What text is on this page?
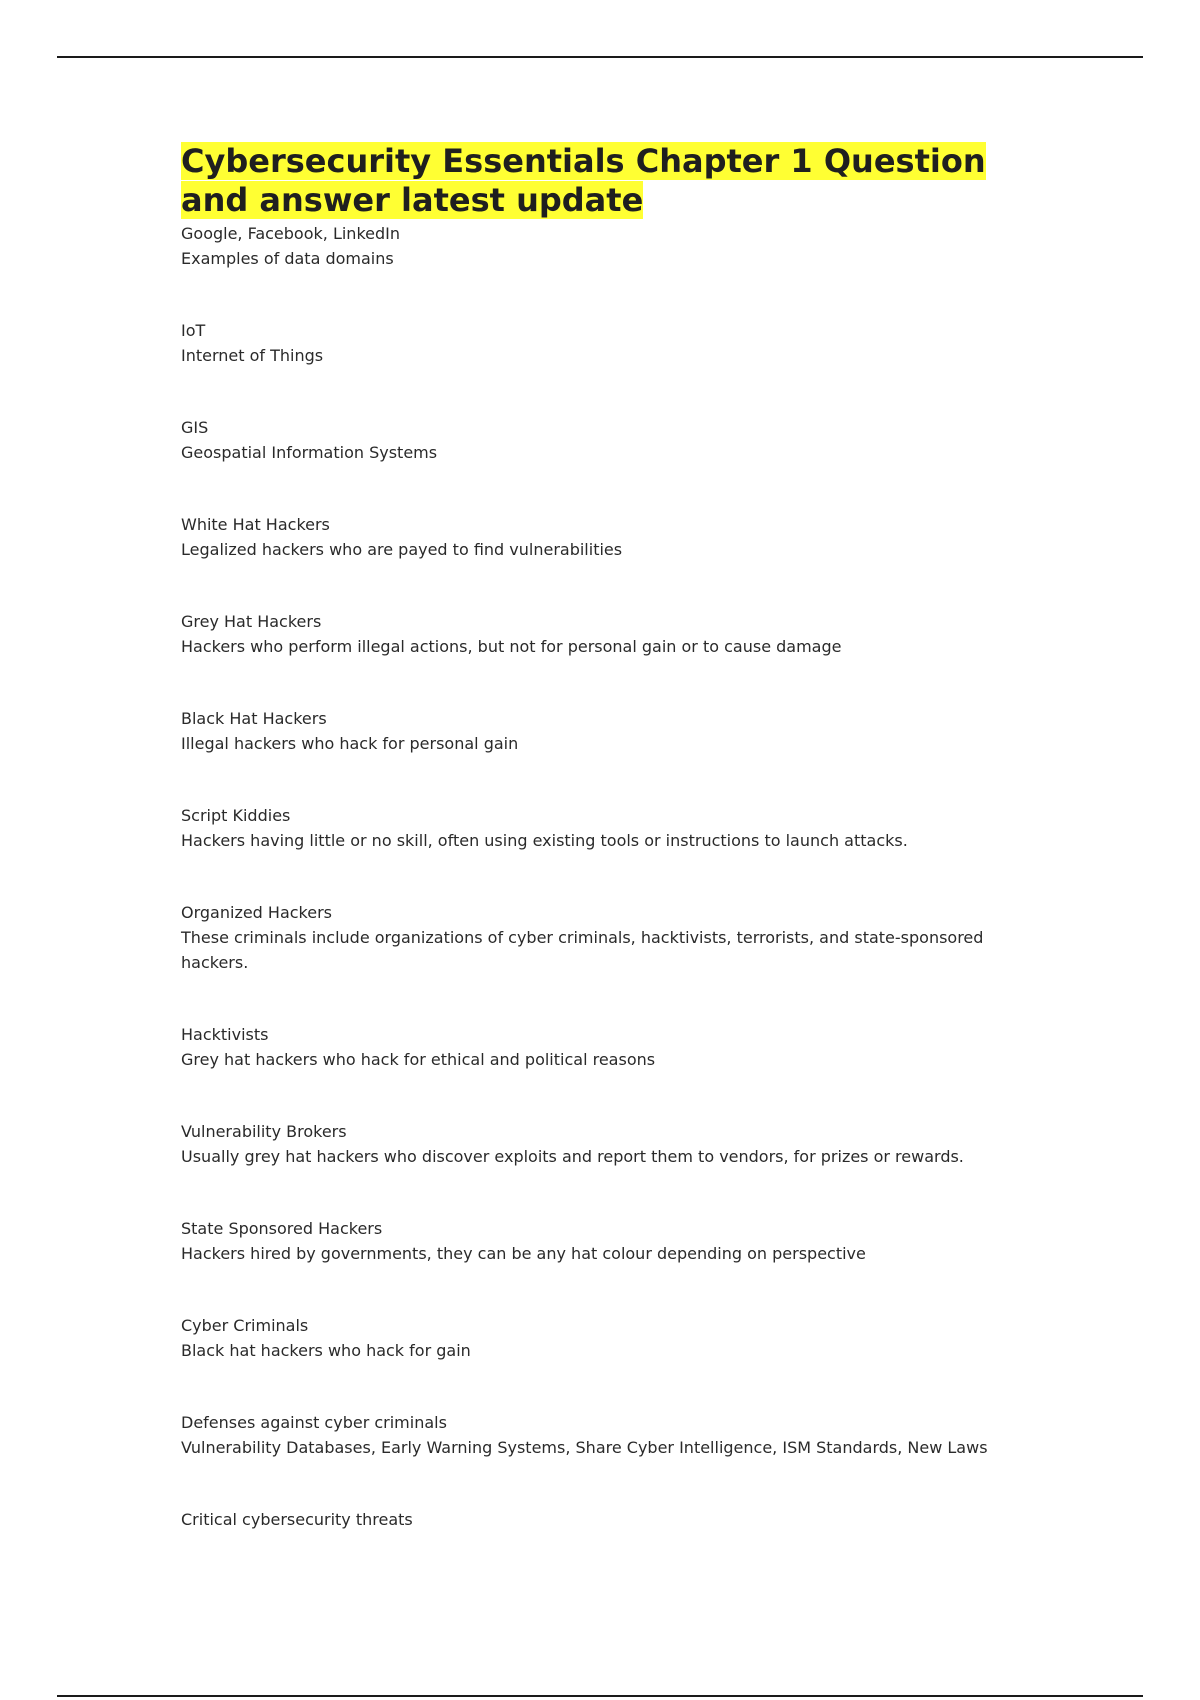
Cybersecurity Essentials Chapter 1 Question and answer latest update
Google, Facebook, LinkedIn
Examples of data domains
IoT
Internet of Things
GIS
Geospatial Information Systems
White Hat Hackers
Legalized hackers who are payed to find vulnerabilities
Grey Hat Hackers
Hackers who perform illegal actions, but not for personal gain or to cause damage
Black Hat Hackers
Illegal hackers who hack for personal gain
Script Kiddies
Hackers having little or no skill, often using existing tools or instructions to launch attacks.
Organized Hackers
These criminals include organizations of cyber criminals, hacktivists, terrorists, and state-sponsored hackers.
Hacktivists
Grey hat hackers who hack for ethical and political reasons
Vulnerability Brokers
Usually grey hat hackers who discover exploits and report them to vendors, for prizes or rewards.
State Sponsored Hackers
Hackers hired by governments, they can be any hat colour depending on perspective
Cyber Criminals
Black hat hackers who hack for gain
Defenses against cyber criminals
Vulnerability Databases, Early Warning Systems, Share Cyber Intelligence, ISM Standards, New Laws
Critical cybersecurity threats
